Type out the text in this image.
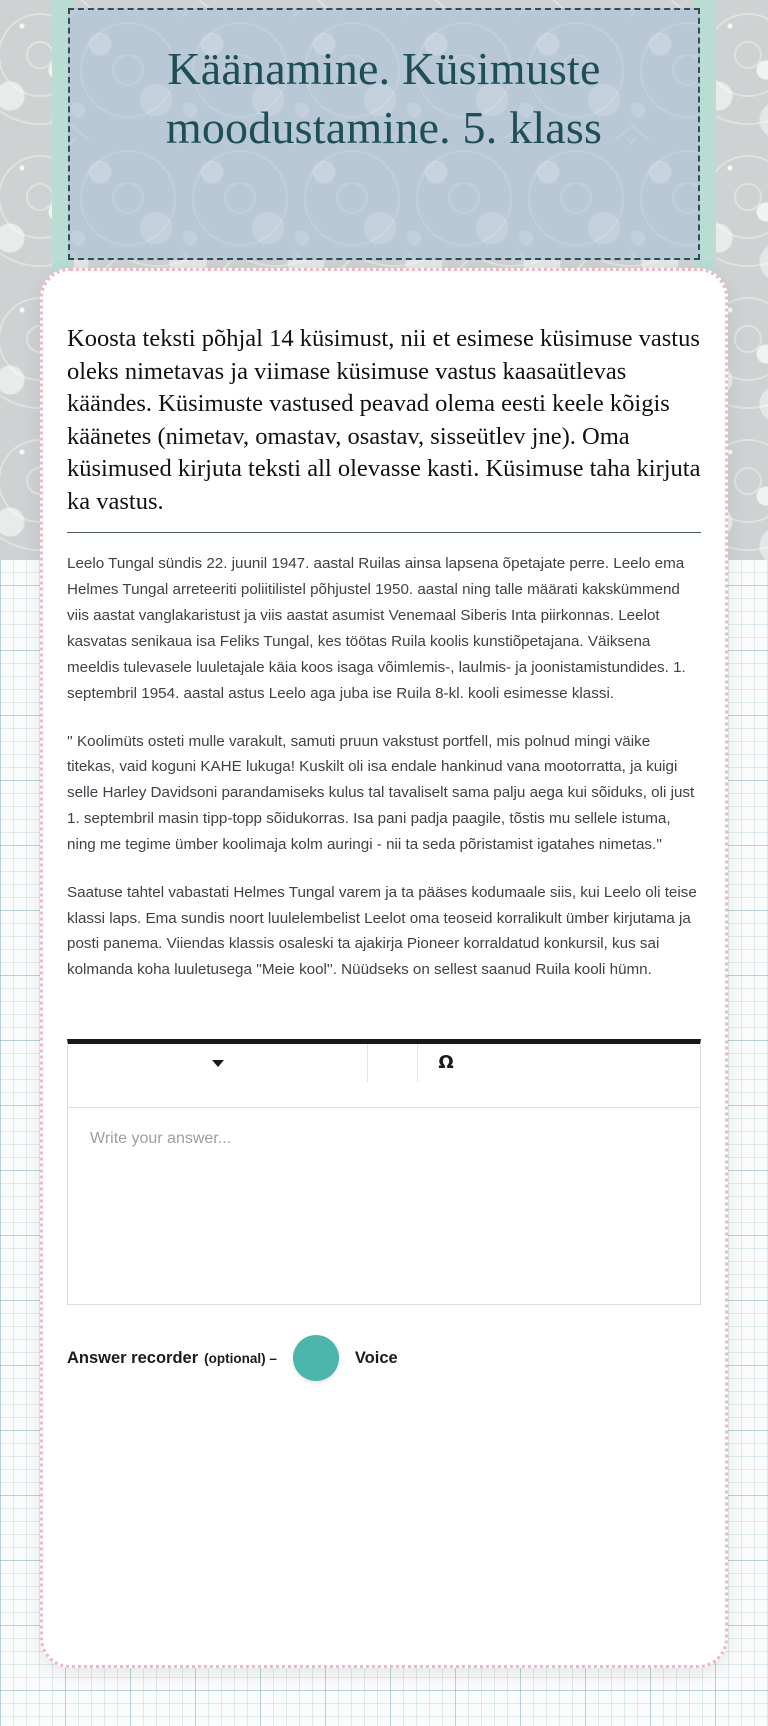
Käänamine. Küsimuste moodustamine. 5. klass
Koosta teksti põhjal 14 küsimust, nii et esimese küsimuse vastus oleks nimetavas ja viimase küsimuse vastus kaasaütlevas käändes. Küsimuste vastused peavad olema eesti keele kõigis käänetes (nimetav, omastav, osastav, sisseütlev jne). Oma küsimused kirjuta teksti all olevasse kasti. Küsimuse taha kirjuta ka vastus.

Leelo Tungal sündis 22. juunil 1947. aastal Ruilas ainsa lapsena õpetajate perre. Leelo ema Helmes Tungal arreteeriti poliitilistel põhjustel 1950. aastal ning talle määrati kakskümmend viis aastat vanglakaristust ja viis aastat asumist Venemaal Siberis Inta piirkonnas. Leelot kasvatas senikaua isa Feliks Tungal, kes töötas Ruila koolis kunstiõpetajana. Väiksena meeldis tulevasele luuletajale käia koos isaga võimlemis-, laulmis- ja joonistamistundides. 1. septembril 1954. aastal astus Leelo aga juba ise Ruila 8-kl. kooli esimesse klassi.

'' Koolimüts osteti mulle varakult, samuti pruun vakstust portfell, mis polnud mingi väike titekas, vaid koguni KAHE lukuga! Kuskilt oli isa endale hankinud vana mootorratta, ja kuigi selle Harley Davidsoni parandamiseks kulus tal tavaliselt sama palju aega kui sõiduks, oli just 1. septembril masin tipp-topp sõidukorras. Isa pani padja paagile, tõstis mu sellele istuma, ning me tegime ümber koolimaja kolm auringi - nii ta seda põristamist igatahes nimetas.''

Saatuse tahtel vabastati Helmes Tungal varem ja ta pääses kodumaale siis, kui Leelo oli teise klassi laps. Ema sundis noort luulelembelist Leelot oma teoseid korralikult ümber kirjutama ja posti panema. Viiendas klassis osaleski ta ajakirja Pioneer korraldatud konkursil, kus sai kolmanda koha luuletusega ''Meie kool''. Nüüdseks on sellest saanud Ruila kooli hümn.

Ω
Write your answer...
Answer recorder (optional) –	Voice
